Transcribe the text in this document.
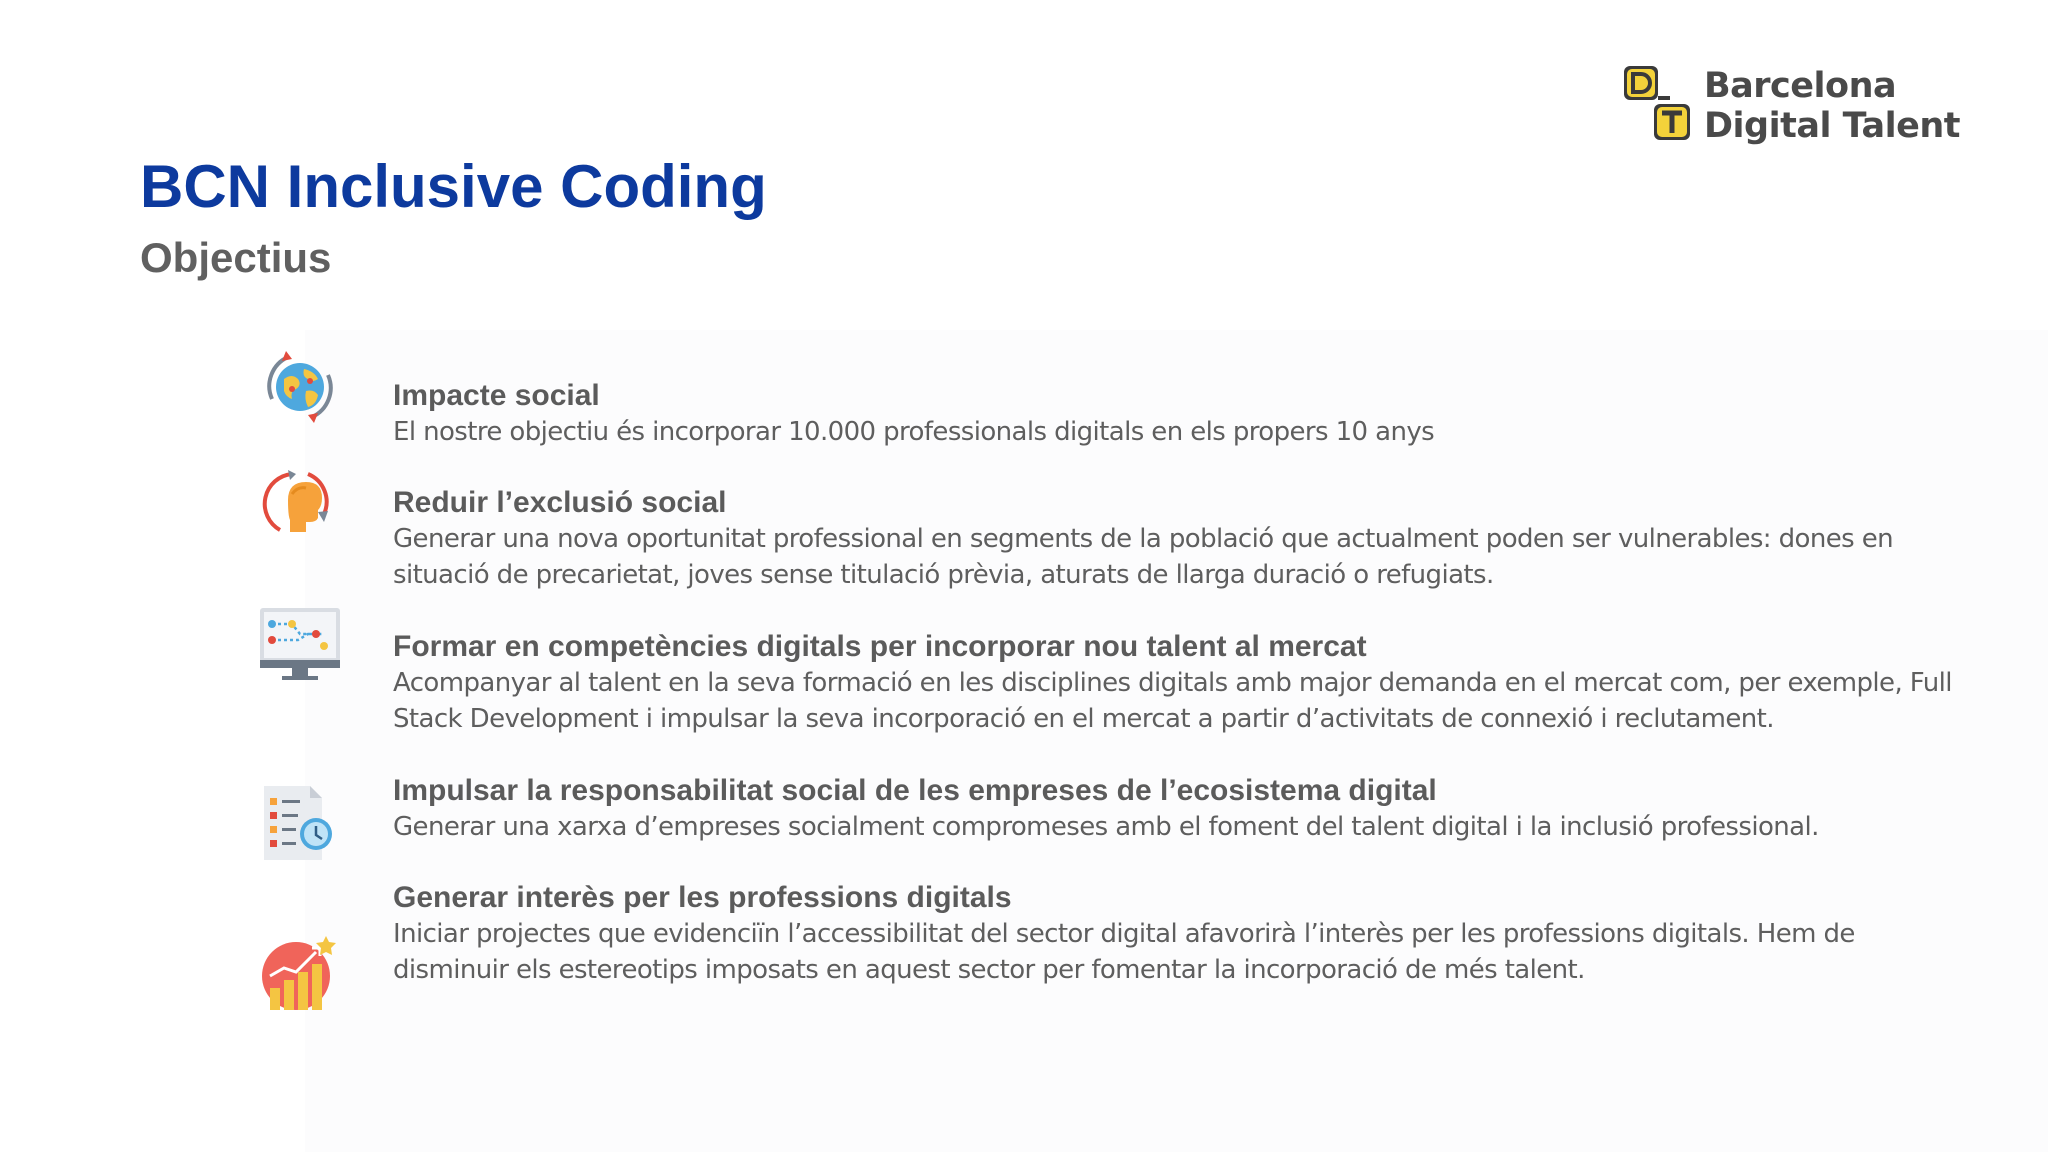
BCN Inclusive Coding
Objectius
Barcelona
Digital Talent

Impacte social

El nostre objectiu és incorporar 10.000 professionals digitals en els propers 10 anys

Reduir l’exclusió social

Generar una nova oportunitat professional en segments de la població que actualment poden ser vulnerables: dones en situació de precarietat, joves sense titulació prèvia, aturats de llarga duració o refugiats.

Formar en competències digitals per incorporar nou talent al mercat

Acompanyar al talent en la seva formació en les disciplines digitals amb major demanda en el mercat com, per exemple, Full Stack Development i impulsar la seva incorporació en el mercat a partir d’activitats de connexió i reclutament.

Impulsar la responsabilitat social de les empreses de l’ecosistema digital

Generar una xarxa d’empreses socialment compromeses amb el foment del talent digital i la inclusió professional.

Generar interès per les professions digitals

Iniciar projectes que evidenciïn l’accessibilitat del sector digital afavorirà l’interès per les professions digitals. Hem de disminuir els estereotips imposats en aquest sector per fomentar la incorporació de més talent.
